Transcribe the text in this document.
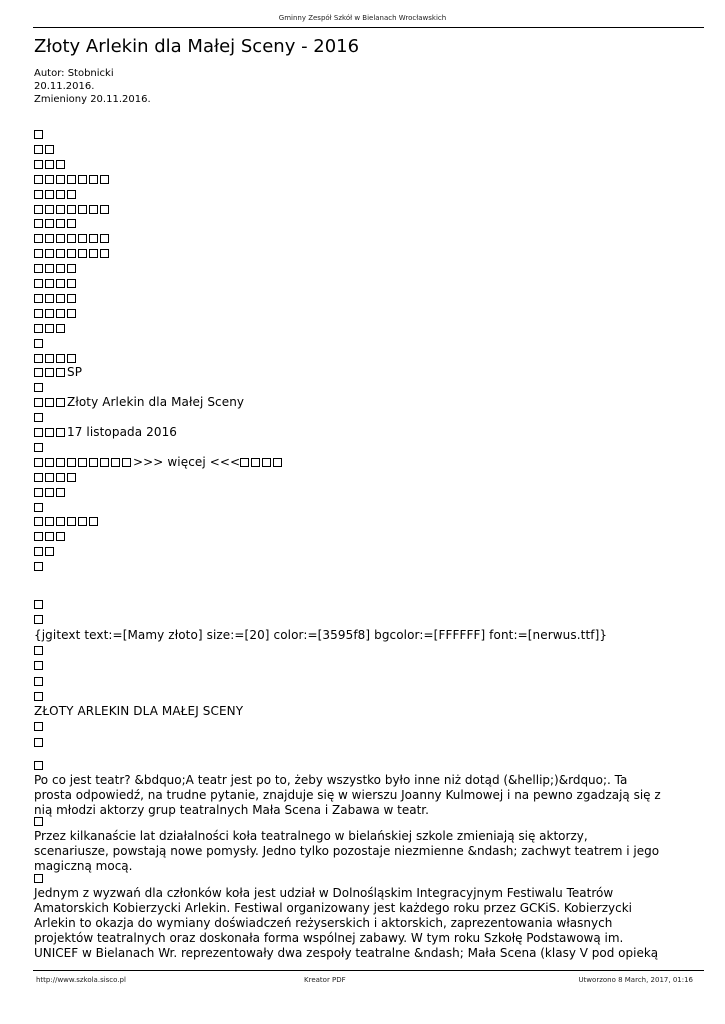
Gminny Zespół Szkół w Bielanach Wrocławskich
Złoty Arlekin dla Małej Sceny - 2016
Autor: Stobnicki
20.11.2016.
Zmieniony 20.11.2016.
SP
Złoty Arlekin dla Małej Sceny
17 listopada 2016
>>> więcej <<<
{jgitext text:=[Mamy złoto] size:=[20] color:=[3595f8] bgcolor:=[FFFFFF] font:=[nerwus.ttf]}
ZŁOTY ARLEKIN DLA MAŁEJ SCENY
Po co jest teatr? &bdquo;A teatr jest po to, żeby wszystko było inne niż dotąd (&hellip;)&rdquo;. Ta
prosta odpowiedź, na trudne pytanie, znajduje się w wierszu Joanny Kulmowej i na pewno zgadzają się z
nią młodzi aktorzy grup teatralnych Mała Scena i Zabawa w teatr.
Przez kilkanaście lat działalności koła teatralnego w bielańskiej szkole zmieniają się aktorzy,
scenariusze, powstają nowe pomysły. Jedno tylko pozostaje niezmienne &ndash; zachwyt teatrem i jego
magiczną mocą.
Jednym z wyzwań dla członków koła jest udział w Dolnośląskim Integracyjnym Festiwalu Teatrów
Amatorskich Kobierzycki Arlekin. Festiwal organizowany jest każdego roku przez GCKiS. Kobierzycki
Arlekin to okazja do wymiany doświadczeń reżyserskich i aktorskich, zaprezentowania własnych
projektów teatralnych oraz doskonała forma wspólnej zabawy. W tym roku Szkołę Podstawową im.
UNICEF w Bielanach Wr. reprezentowały dwa zespoły teatralne &ndash; Mała Scena (klasy V pod opieką
http://www.szkola.sisco.pl	Kreator PDF	Utworzono 8 March, 2017, 01:16
